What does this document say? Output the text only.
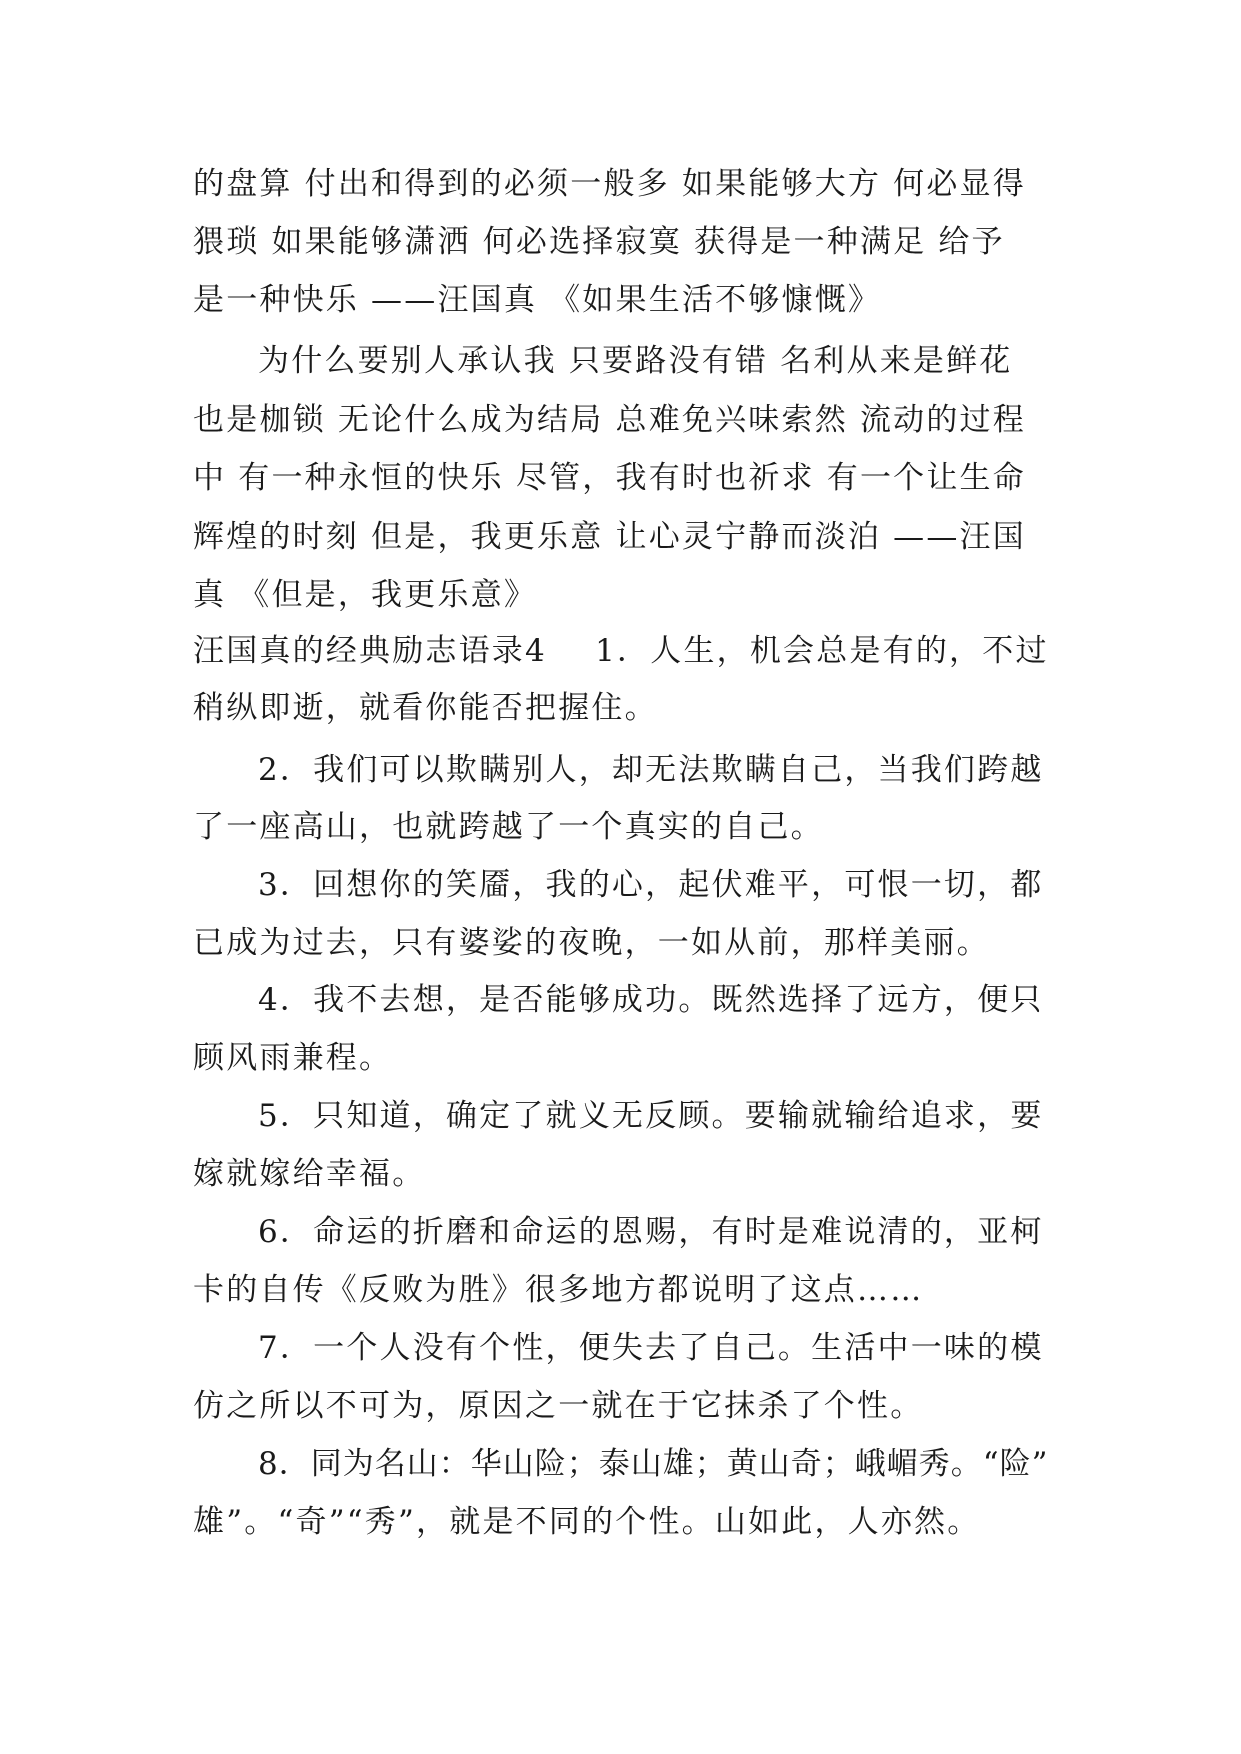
的盘算 付出和得到的必须一般多 如果能够大方 何必显得
猥琐 如果能够潇洒 何必选择寂寞 获得是一种满足 给予
是一种快乐 ——汪国真 《如果生活不够慷慨》
为什么要别人承认我 只要路没有错 名利从来是鲜花
也是枷锁 无论什么成为结局 总难免兴味索然 流动的过程
中 有一种永恒的快乐 尽管，我有时也祈求 有一个让生命
辉煌的时刻 但是，我更乐意 让心灵宁静而淡泊 ——汪国
真 《但是，我更乐意》
汪国真的经典励志语录4    1．人生，机会总是有的，不过
稍纵即逝，就看你能否把握住。
2．我们可以欺瞒别人，却无法欺瞒自己，当我们跨越
了一座高山，也就跨越了一个真实的自己。
3．回想你的笑靥，我的心，起伏难平，可恨一切，都
已成为过去，只有婆娑的夜晚，一如从前，那样美丽。
4．我不去想，是否能够成功。既然选择了远方，便只
顾风雨兼程。
5．只知道，确定了就义无反顾。要输就输给追求，要
嫁就嫁给幸福。
6．命运的折磨和命运的恩赐，有时是难说清的，亚柯
卡的自传《反败为胜》很多地方都说明了这点……
7．一个人没有个性，便失去了自己。生活中一味的模
仿之所以不可为，原因之一就在于它抹杀了个性。
8．同为名山：华山险；泰山雄；黄山奇；峨嵋秀。“险”
雄”。“奇”“秀”，就是不同的个性。山如此，人亦然。
